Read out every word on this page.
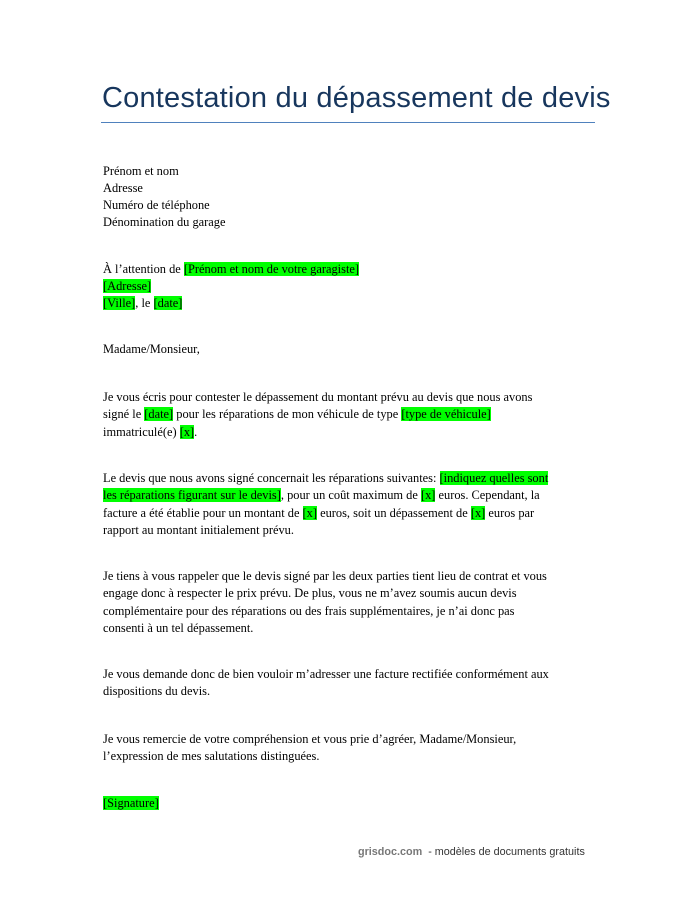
Contestation du dépassement de devis

Prénom et nom

Adresse

Numéro de téléphone

Dénomination du garage

À l’attention de [Prénom et nom de votre garagiste]

[Adresse]

[Ville], le [date]

Madame/Monsieur,

Je vous écris pour contester le dépassement du montant prévu au devis que nous avons
signé le [date] pour les réparations de mon véhicule de type [type de véhicule]
immatriculé(e) [x].
Le devis que nous avons signé concernait les réparations suivantes: [indiquez quelles sont
les réparations figurant sur le devis], pour un coût maximum de [x] euros. Cependant, la
facture a été établie pour un montant de [x] euros, soit un dépassement de [x] euros par
rapport au montant initialement prévu.
Je tiens à vous rappeler que le devis signé par les deux parties tient lieu de contrat et vous
engage donc à respecter le prix prévu. De plus, vous ne m’avez soumis aucun devis
complémentaire pour des réparations ou des frais supplémentaires, je n’ai donc pas
consenti à un tel dépassement.
Je vous demande donc de bien vouloir m’adresser une facture rectifiée conformément aux
dispositions du devis.
Je vous remercie de votre compréhension et vous prie d’agréer, Madame/Monsieur,
l’expression de mes salutations distinguées.

[Signature]

grisdoc.com  - modèles de documents gratuits
